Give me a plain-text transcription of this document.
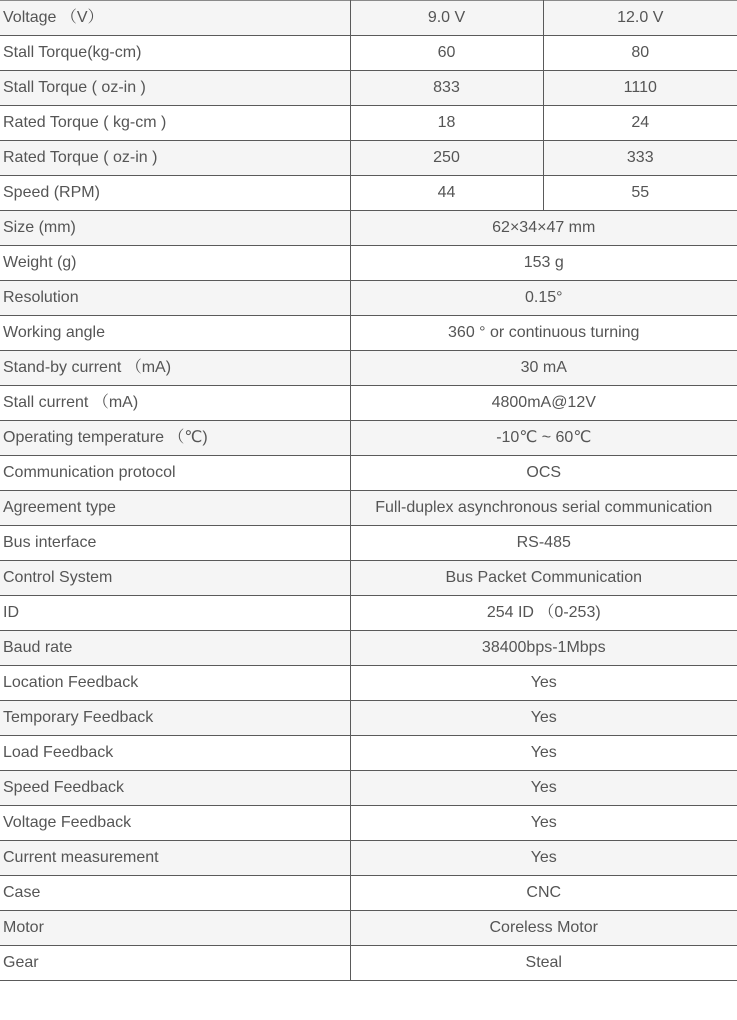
Voltage （V）	9.0 V	12.0 V
Stall Torque(kg-cm)	60	80
Stall Torque ( oz-in )	833	1110
Rated Torque ( kg-cm )	18	24
Rated Torque ( oz-in )	250	333
Speed (RPM)	44	55
Size (mm)	62×34×47 mm	
Weight (g)	153 g	
Resolution	0.15°	
Working angle	360 ° or continuous turning	
Stand-by current （mA)	30 mA	
Stall current （mA)	4800mA@12V	
Operating temperature （℃)	-10℃ ~ 60℃	
Communication protocol	OCS	
Agreement type	Full-duplex asynchronous serial communication	
Bus interface	RS-485	
Control System	Bus Packet Communication	
ID	254 ID （0-253)	
Baud rate	38400bps-1Mbps	
Location Feedback	Yes	
Temporary Feedback	Yes	
Load Feedback	Yes	
Speed Feedback	Yes	
Voltage Feedback	Yes	
Current measurement	Yes	
Case	CNC	
Motor	Coreless Motor	
Gear	Steal	
